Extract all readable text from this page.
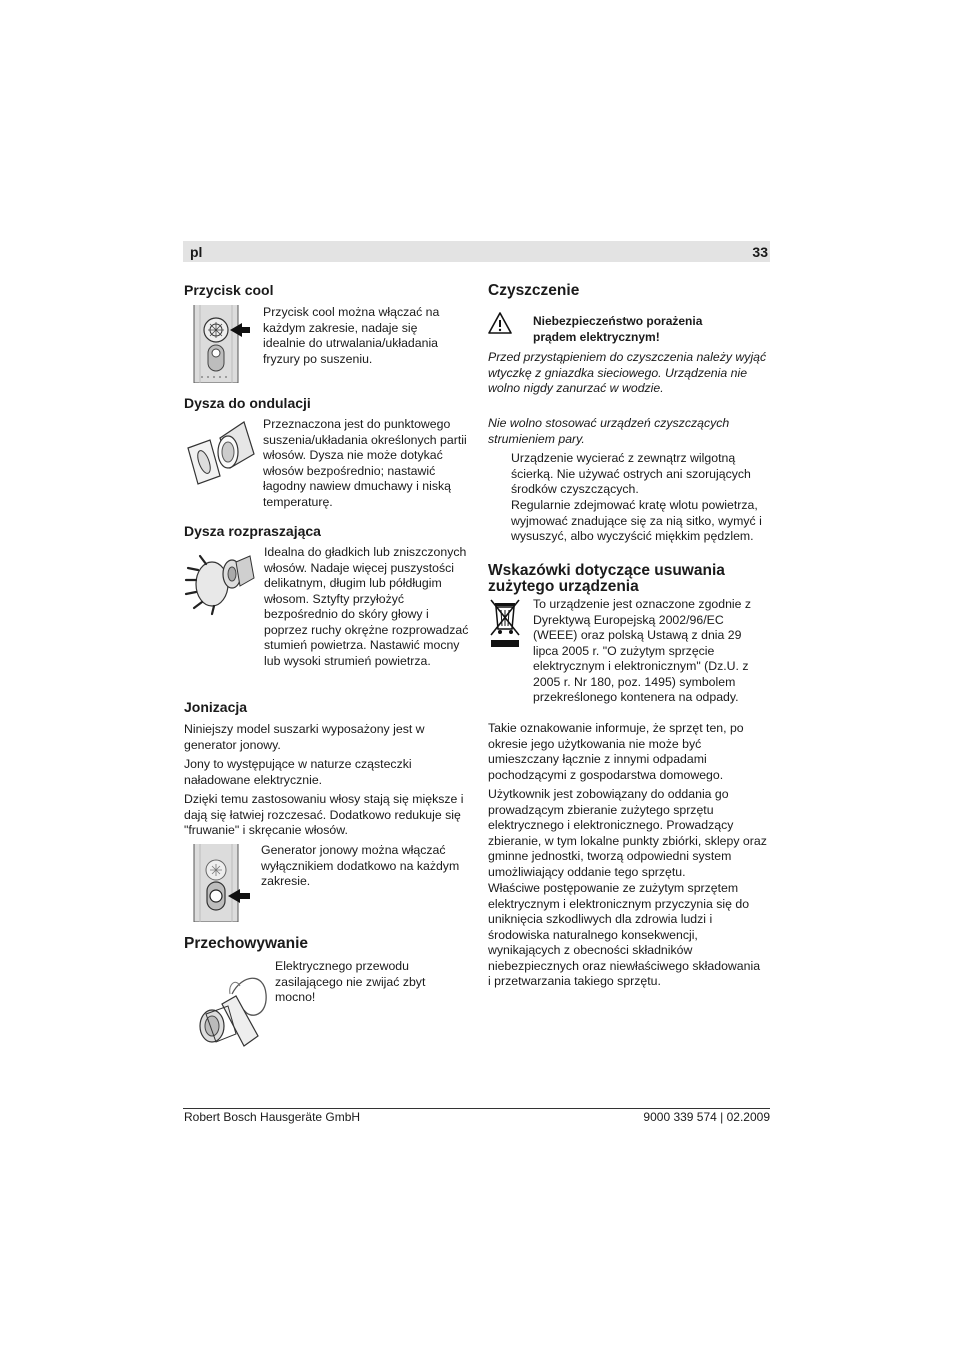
pl	33
Przycisk cool
Przycisk cool można włączać na każdym zakresie, nadaje się idealnie do utrwalania/układania fryzury po suszeniu.
Dysza do ondulacji
Przeznaczona jest do punktowego suszenia/układania określonych partii włosów. Dysza nie może dotykać włosów bezpośrednio; nastawić łagodny nawiew dmuchawy i niską temperaturę.
Dysza rozpraszająca
Idealna do gładkich lub zniszczonych włosów. Nadaje więcej puszystości delikatnym, długim lub półdługim włosom. Sztyfty przyłożyć bezpośrednio do skóry głowy i poprzez ruchy okrężne rozprowadzać stumień powietrza. Nastawić mocny lub wysoki strumień powietrza.
Jonizacja
Niniejszy model suszarki wyposażony jest w generator jonowy.
Jony to występujące w naturze cząsteczki naładowane elektrycznie.
Dzięki temu zastosowaniu włosy stają się miększe i dają się łatwiej rozczesać. Dodatkowo redukuje się "fruwanie" i skręcanie włosów.
Generator jonowy można włączać wyłącznikiem dodatkowo na każdym zakresie.
Przechowywanie
Elektrycznego przewodu zasilającego nie zwijać zbyt mocno!
Czyszczenie
Niebezpieczeństwo porażenia prądem elektrycznym!
Przed przystąpieniem do czyszczenia należy wyjąć wtyczkę z gniazdka sieciowego. Urządzenia nie wolno nigdy zanurzać w wodzie.
Nie wolno stosować urządzeń czyszczących strumieniem pary.
Urządzenie wycierać z zewnątrz wilgotną ścierką. Nie używać ostrych ani szorujących środków czyszczących.
Regularnie zdejmować kratę wlotu powietrza, wyjmować znadujące się za nią sitko, wymyć i wysuszyć, albo wyczyścić miękkim pędzlem.
Wskazówki dotyczące usuwania zużytego urządzenia
To urządzenie jest oznaczone zgodnie z Dyrektywą Europejską 2002/96/EC (WEEE) oraz polską Ustawą z dnia 29 lipca 2005 r. "O zużytym sprzęcie elektrycznym i elektronicznym" (Dz.U. z 2005 r. Nr 180, poz. 1495) symbolem przekreślonego kontenera na odpady.
Takie oznakowanie informuje, że sprzęt ten, po okresie jego użytkowania nie może być umieszczany łącznie z innymi odpadami pochodzącymi z gospodarstwa domowego.
Użytkownik jest zobowiązany do oddania go prowadzącym zbieranie zużytego sprzętu elektrycznego i elektronicznego. Prowadzący zbieranie, w tym lokalne punkty zbiórki, sklepy oraz gminne jednostki, tworzą odpowiedni system umożliwiający oddanie tego sprzętu.
Właściwe postępowanie ze zużytym sprzętem elektrycznym i elektronicznym przyczynia się do uniknięcia szkodliwych dla zdrowia ludzi i środowiska naturalnego konsekwencji, wynikających z obecności składników niebezpiecznych oraz niewłaściwego składowania i przetwarzania takiego sprzętu.
Robert Bosch Hausgeräte GmbH	9000 339 574 | 02.2009
